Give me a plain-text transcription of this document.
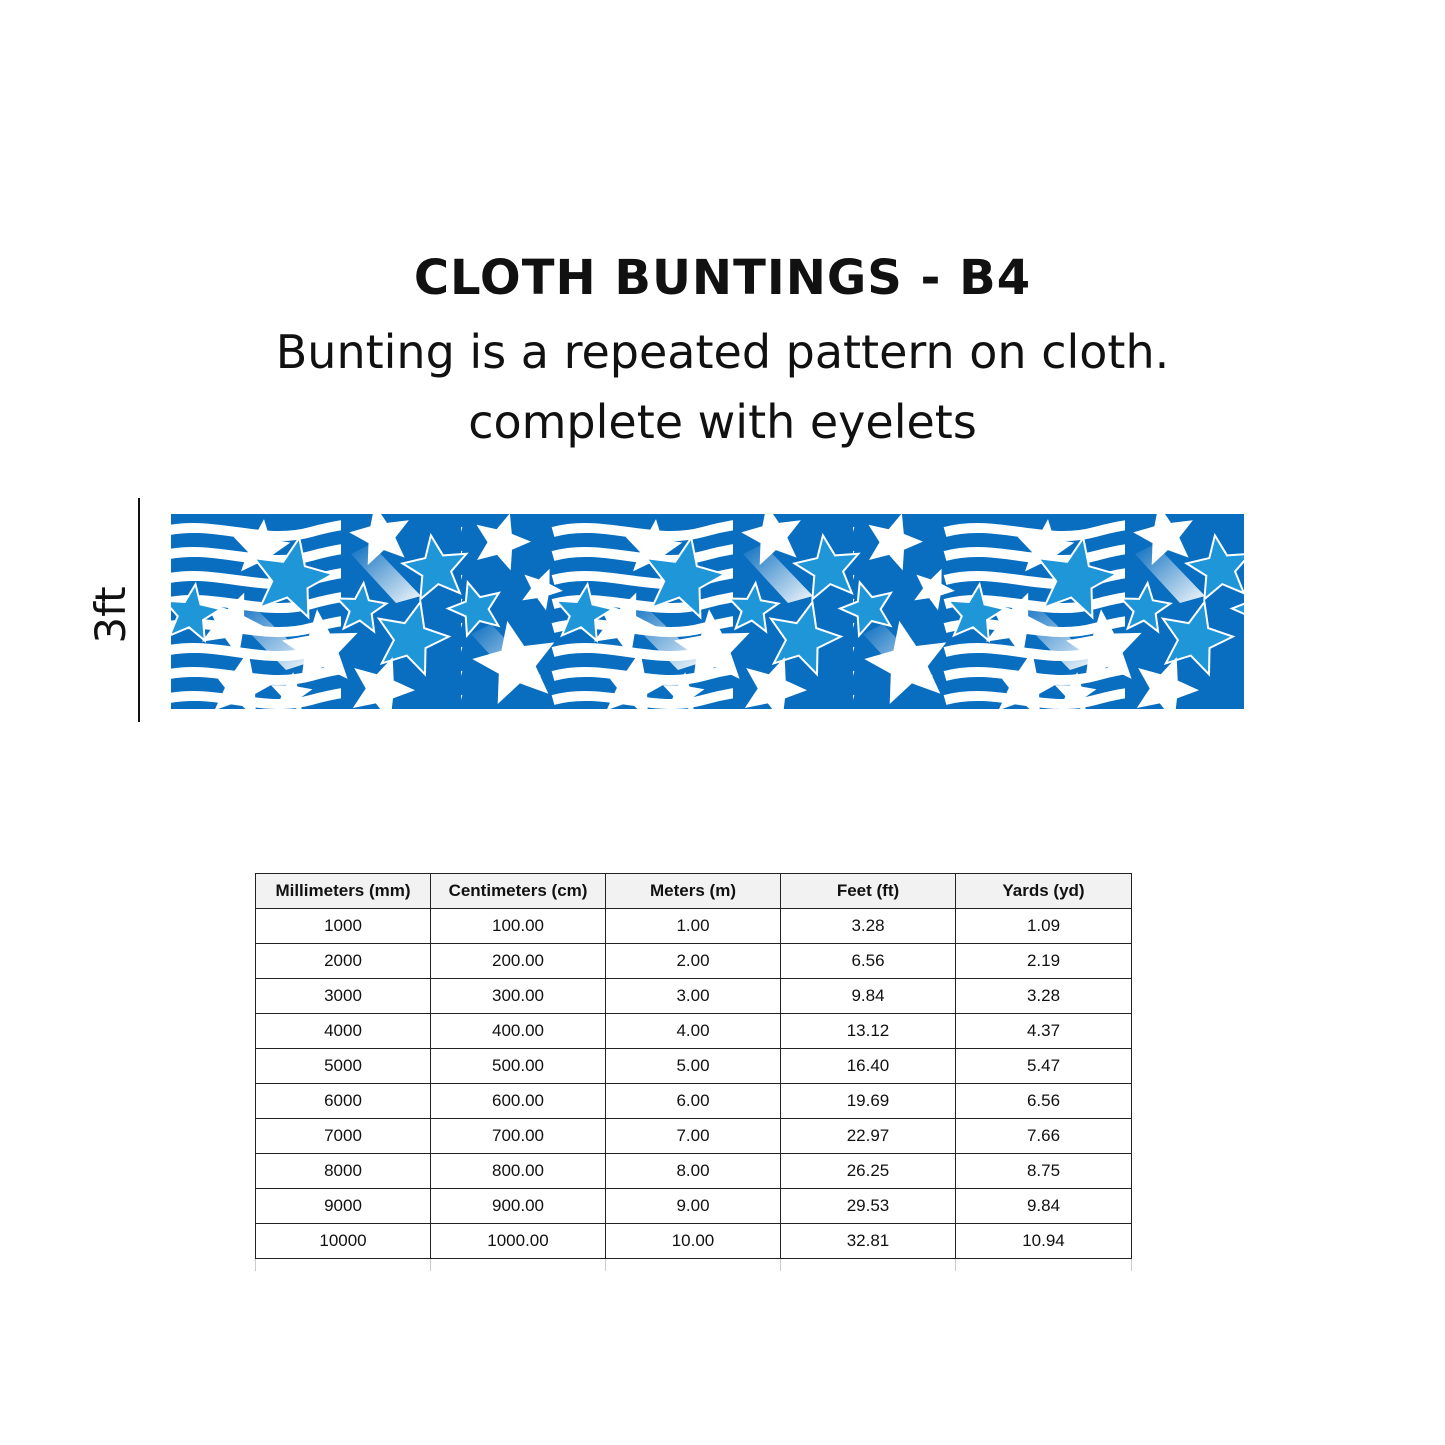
CLOTH BUNTINGS - B4
Bunting is a repeated pattern on cloth.
complete with eyelets
3ft
Millimeters (mm)	Centimeters (cm)	Meters (m)	Feet (ft)	Yards (yd)
1000	100.00	1.00	3.28	1.09
2000	200.00	2.00	6.56	2.19
3000	300.00	3.00	9.84	3.28
4000	400.00	4.00	13.12	4.37
5000	500.00	5.00	16.40	5.47
6000	600.00	6.00	19.69	6.56
7000	700.00	7.00	22.97	7.66
8000	800.00	8.00	26.25	8.75
9000	900.00	9.00	29.53	9.84
10000	1000.00	10.00	32.81	10.94
